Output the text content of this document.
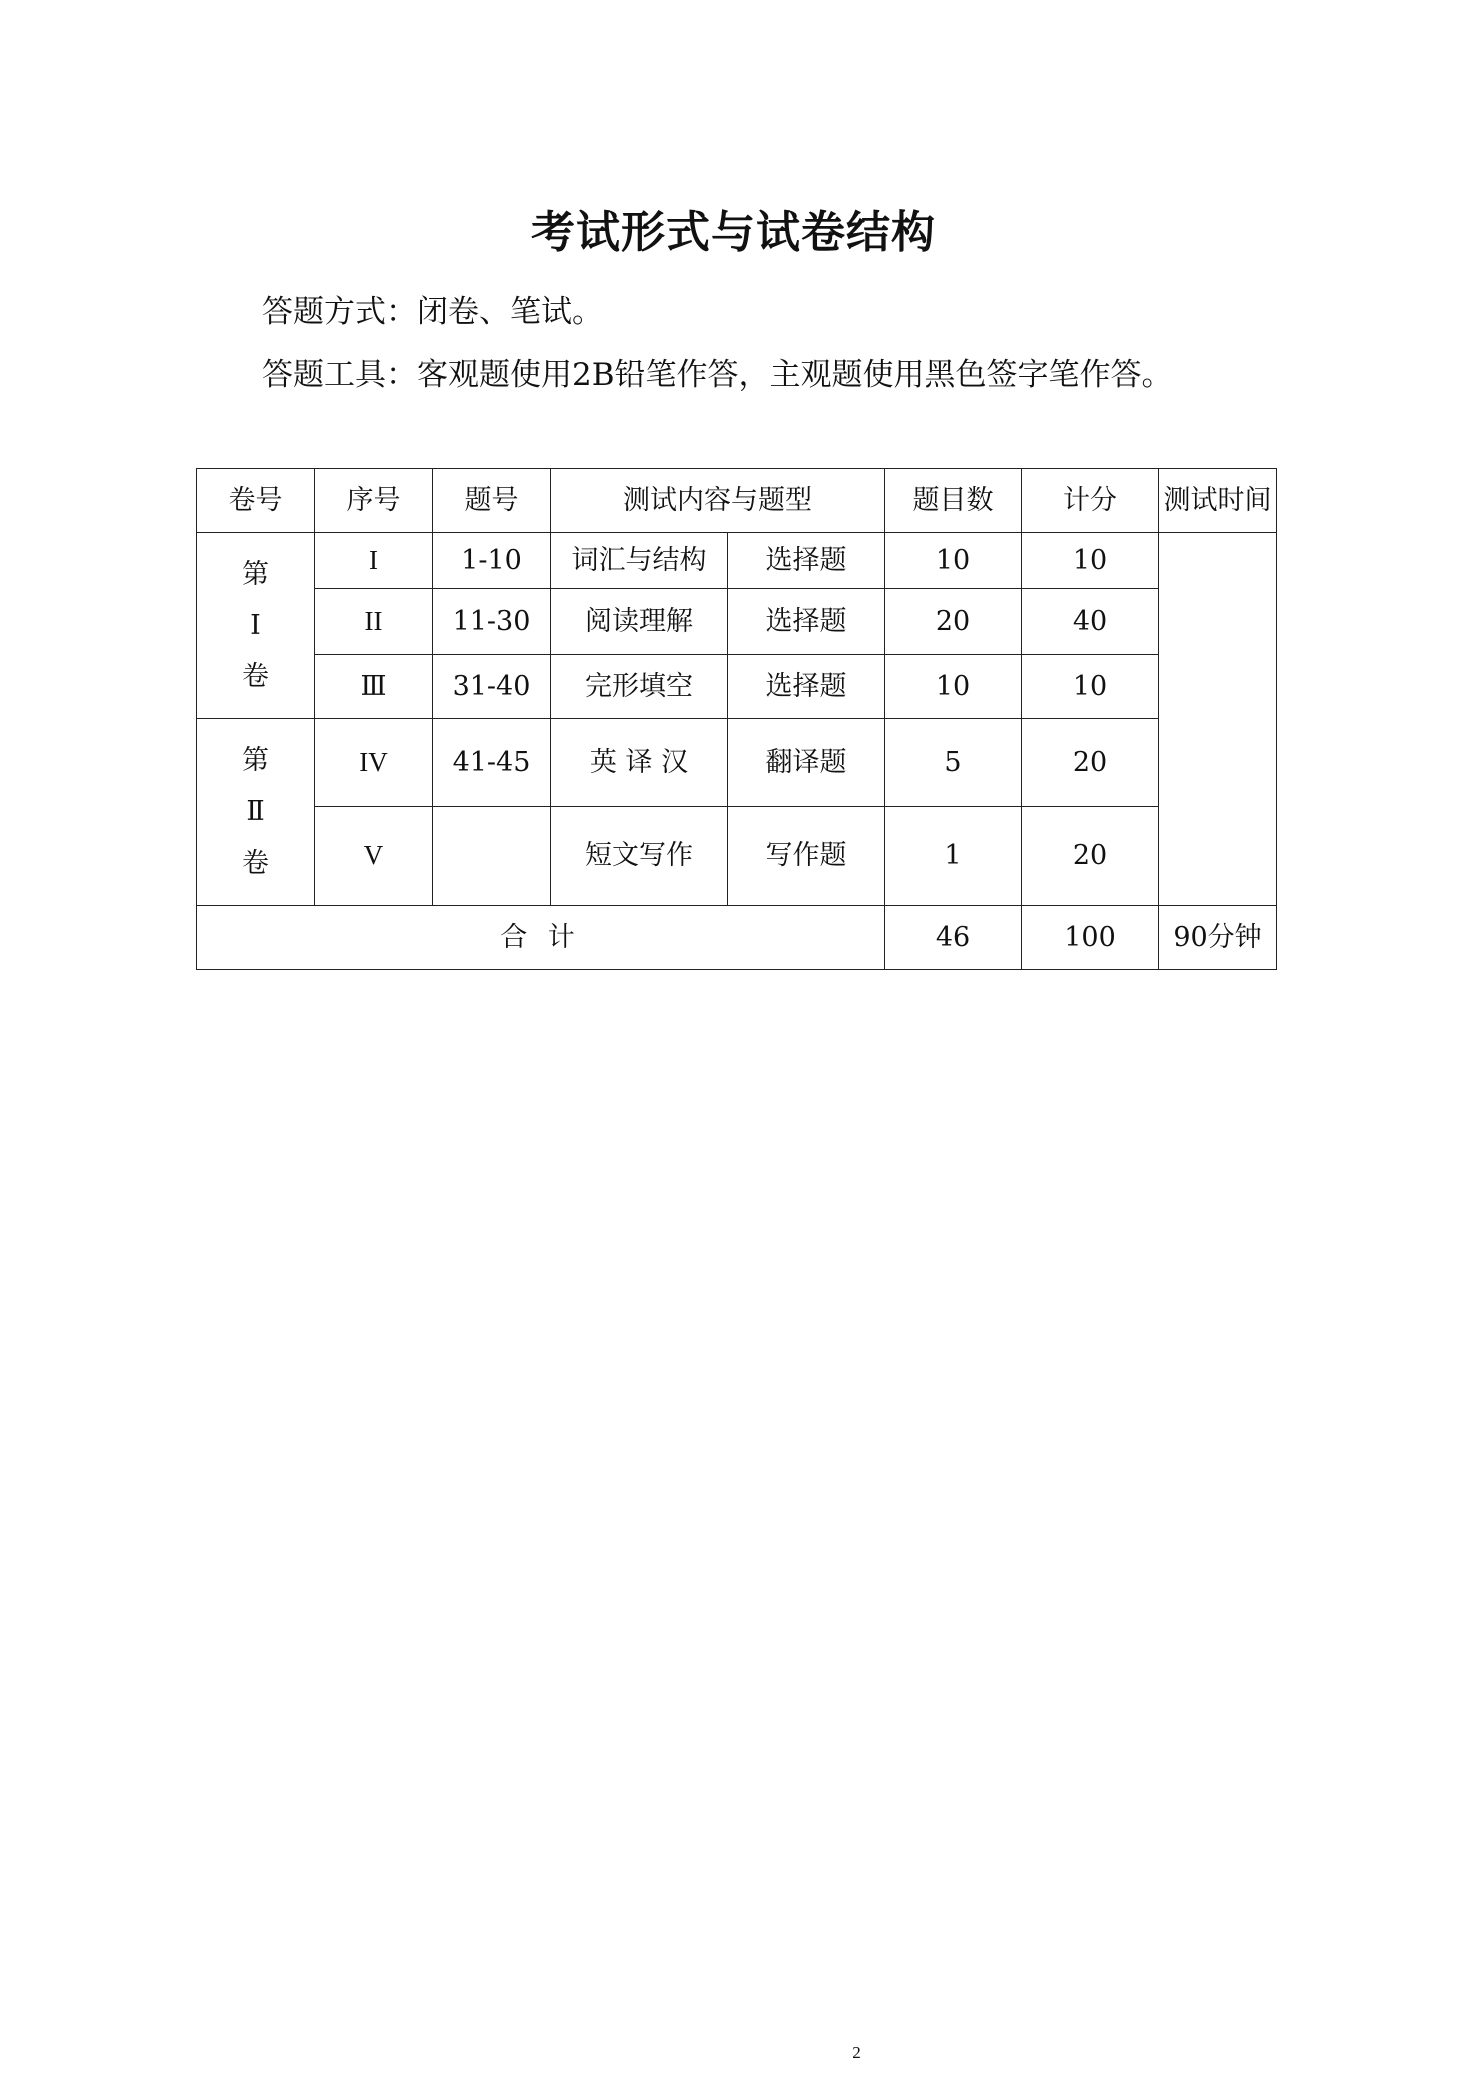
考试形式与试卷结构
答题方式：闭卷、笔试。
答题工具：客观题使用2B铅笔作答，主观题使用黑色签字笔作答。
卷号	序号	题号	测试内容与题型		题目数	计分	测试时间
第
Ⅰ
卷	I	1-10	词汇与结构	选择题	10	10	
	II	11-30	阅读理解	选择题	20	40	
	Ⅲ	31-40	完形填空	选择题	10	10	
第
Ⅱ
卷	IV	41-45	英 译 汉	翻译题	5	20	
	V		短文写作	写作题	1	20	
合 计					46	100	90分钟
2
